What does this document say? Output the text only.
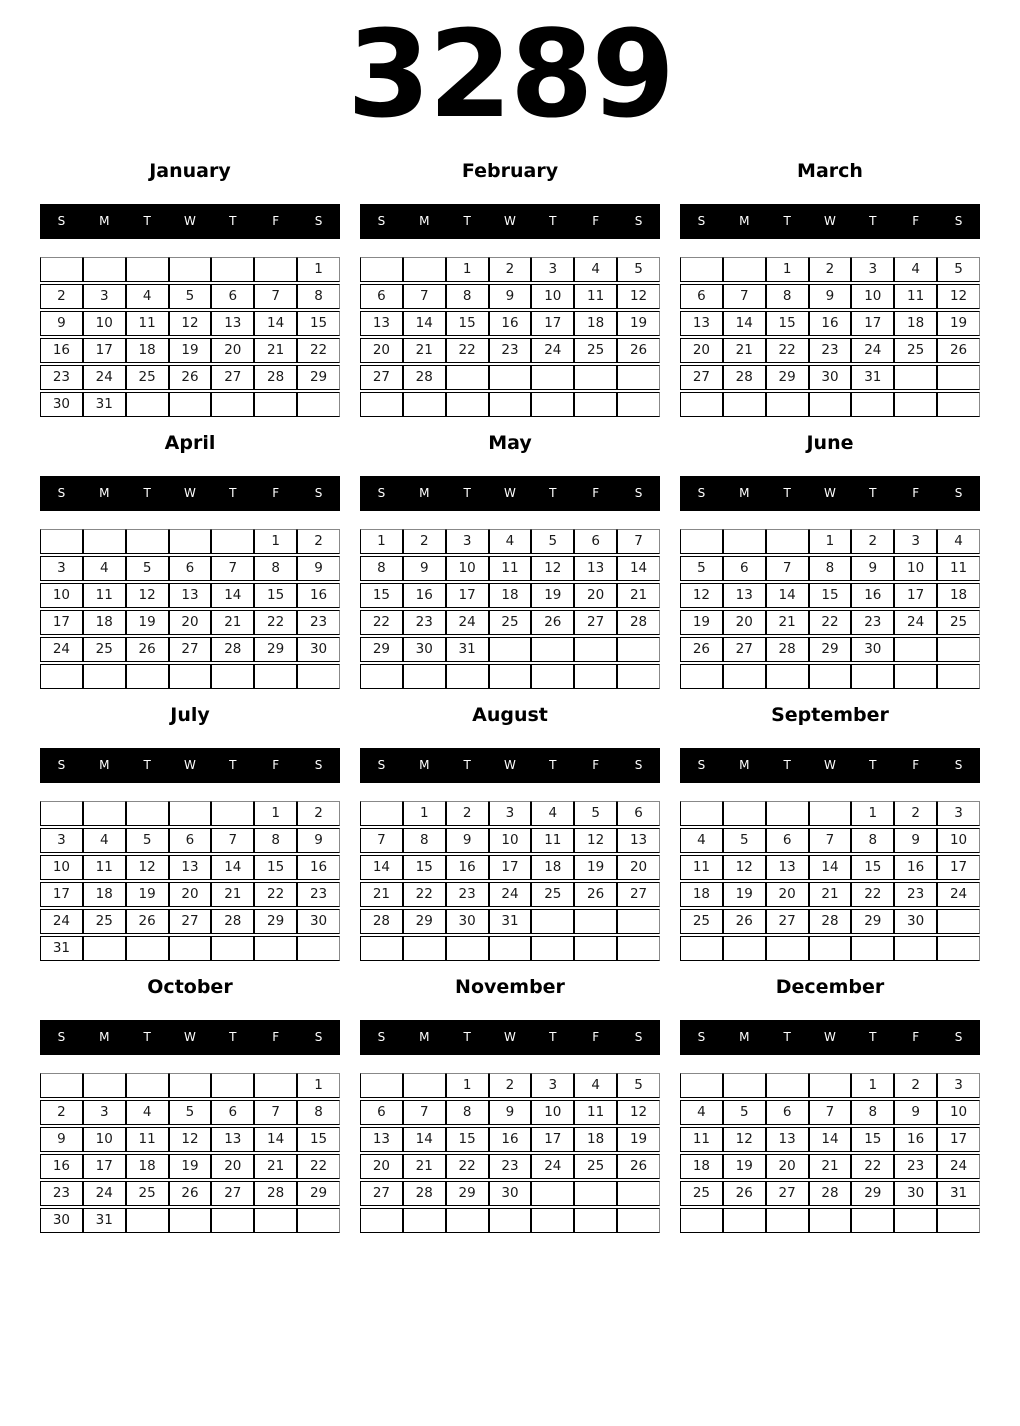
3289
January
S	M	T	W	T	F	S
						1
2	3	4	5	6	7	8
9	10	11	12	13	14	15
16	17	18	19	20	21	22
23	24	25	26	27	28	29
30	31					
February
S	M	T	W	T	F	S
		1	2	3	4	5
6	7	8	9	10	11	12
13	14	15	16	17	18	19
20	21	22	23	24	25	26
27	28					

March
S	M	T	W	T	F	S
		1	2	3	4	5
6	7	8	9	10	11	12
13	14	15	16	17	18	19
20	21	22	23	24	25	26
27	28	29	30	31		

April
S	M	T	W	T	F	S
					1	2
3	4	5	6	7	8	9
10	11	12	13	14	15	16
17	18	19	20	21	22	23
24	25	26	27	28	29	30

May
S	M	T	W	T	F	S
1	2	3	4	5	6	7
8	9	10	11	12	13	14
15	16	17	18	19	20	21
22	23	24	25	26	27	28
29	30	31				

June
S	M	T	W	T	F	S
			1	2	3	4
5	6	7	8	9	10	11
12	13	14	15	16	17	18
19	20	21	22	23	24	25
26	27	28	29	30		

July
S	M	T	W	T	F	S
					1	2
3	4	5	6	7	8	9
10	11	12	13	14	15	16
17	18	19	20	21	22	23
24	25	26	27	28	29	30
31						
August
S	M	T	W	T	F	S
	1	2	3	4	5	6
7	8	9	10	11	12	13
14	15	16	17	18	19	20
21	22	23	24	25	26	27
28	29	30	31			

September
S	M	T	W	T	F	S
				1	2	3
4	5	6	7	8	9	10
11	12	13	14	15	16	17
18	19	20	21	22	23	24
25	26	27	28	29	30	

October
S	M	T	W	T	F	S
						1
2	3	4	5	6	7	8
9	10	11	12	13	14	15
16	17	18	19	20	21	22
23	24	25	26	27	28	29
30	31					
November
S	M	T	W	T	F	S
		1	2	3	4	5
6	7	8	9	10	11	12
13	14	15	16	17	18	19
20	21	22	23	24	25	26
27	28	29	30			

December
S	M	T	W	T	F	S
				1	2	3
4	5	6	7	8	9	10
11	12	13	14	15	16	17
18	19	20	21	22	23	24
25	26	27	28	29	30	31
